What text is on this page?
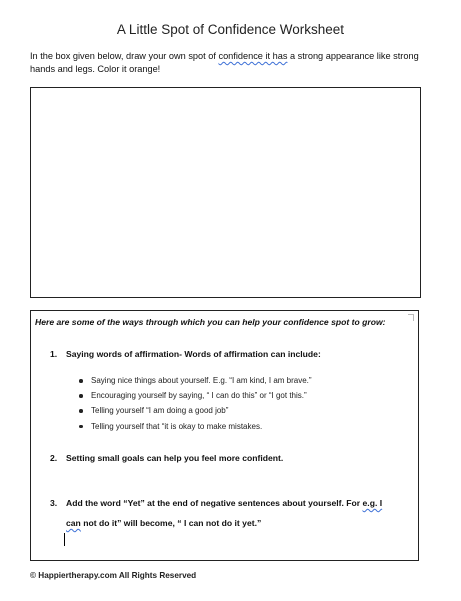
A Little Spot of Confidence Worksheet
In the box given below, draw your own spot of confidence it has a strong appearance like strong hands and legs. Color it orange!
Here are some of the ways through which you can help your confidence spot to grow:
1. Saying words of affirmation- Words of affirmation can include:
Saying nice things about yourself. E.g. “I am kind, I am brave.”
Encouraging yourself by saying, “ I can do this” or “I got this.”
Telling yourself “I am doing a good job”
Telling yourself that “it is okay to make mistakes.
2. Setting small goals can help you feel more confident.
3. Add the word “Yet” at the end of negative sentences about yourself. For e.g. I
can not do it” will become, “ I can not do it yet.”
© Happiertherapy.com All Rights Reserved
